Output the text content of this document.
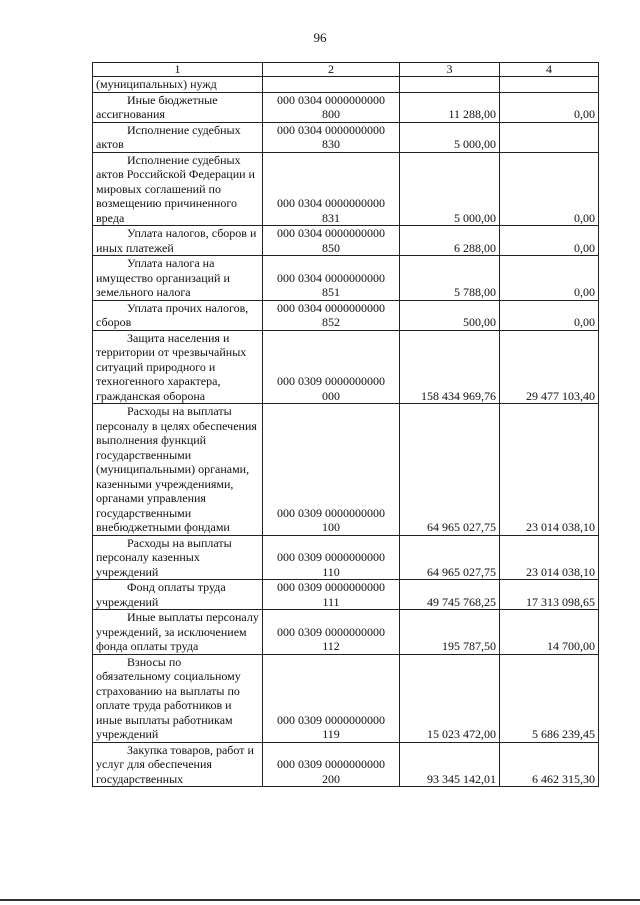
96
1	2	3	4
(муниципальных) нужд	

Иные бюджетные ассигнования	000 0304 0000000000
800	11 288,00	0,00

Исполнение судебных актов	000 0304 0000000000
830	5 000,00	

Исполнение судебных актов Российской Федерации и мировых соглашений по возмещению причиненного вреда	000 0304 0000000000
831	5 000,00	0,00

Уплата налогов, сборов и иных платежей	000 0304 0000000000
850	6 288,00	0,00

Уплата налога на имущество организаций и земельного налога	000 0304 0000000000
851	5 788,00	0,00

Уплата прочих налогов, сборов	000 0304 0000000000
852	500,00	0,00

Защита населения и территории от чрезвычайных ситуаций природного и техногенного характера, гражданская оборона	000 0309 0000000000
000	158 434 969,76	29 477 103,40

Расходы на выплаты персоналу в целях обеспечения выполнения функций государственными (муниципальными) органами, казенными учреждениями, органами управления государственными внебюджетными фондами	000 0309 0000000000
100	64 965 027,75	23 014 038,10

Расходы на выплаты персоналу казенных учреждений	000 0309 0000000000
110	64 965 027,75	23 014 038,10

Фонд оплаты труда учреждений	000 0309 0000000000
111	49 745 768,25	17 313 098,65

Иные выплаты персоналу учреждений, за исключением фонда оплаты труда	000 0309 0000000000
112	195 787,50	14 700,00

Взносы по обязательному социальному страхованию на выплаты по оплате труда работников и иные выплаты работникам учреждений	000 0309 0000000000
119	15 023 472,00	5 686 239,45

Закупка товаров, работ и услуг для обеспечения государственных	000 0309 0000000000
200	93 345 142,01	6 462 315,30
